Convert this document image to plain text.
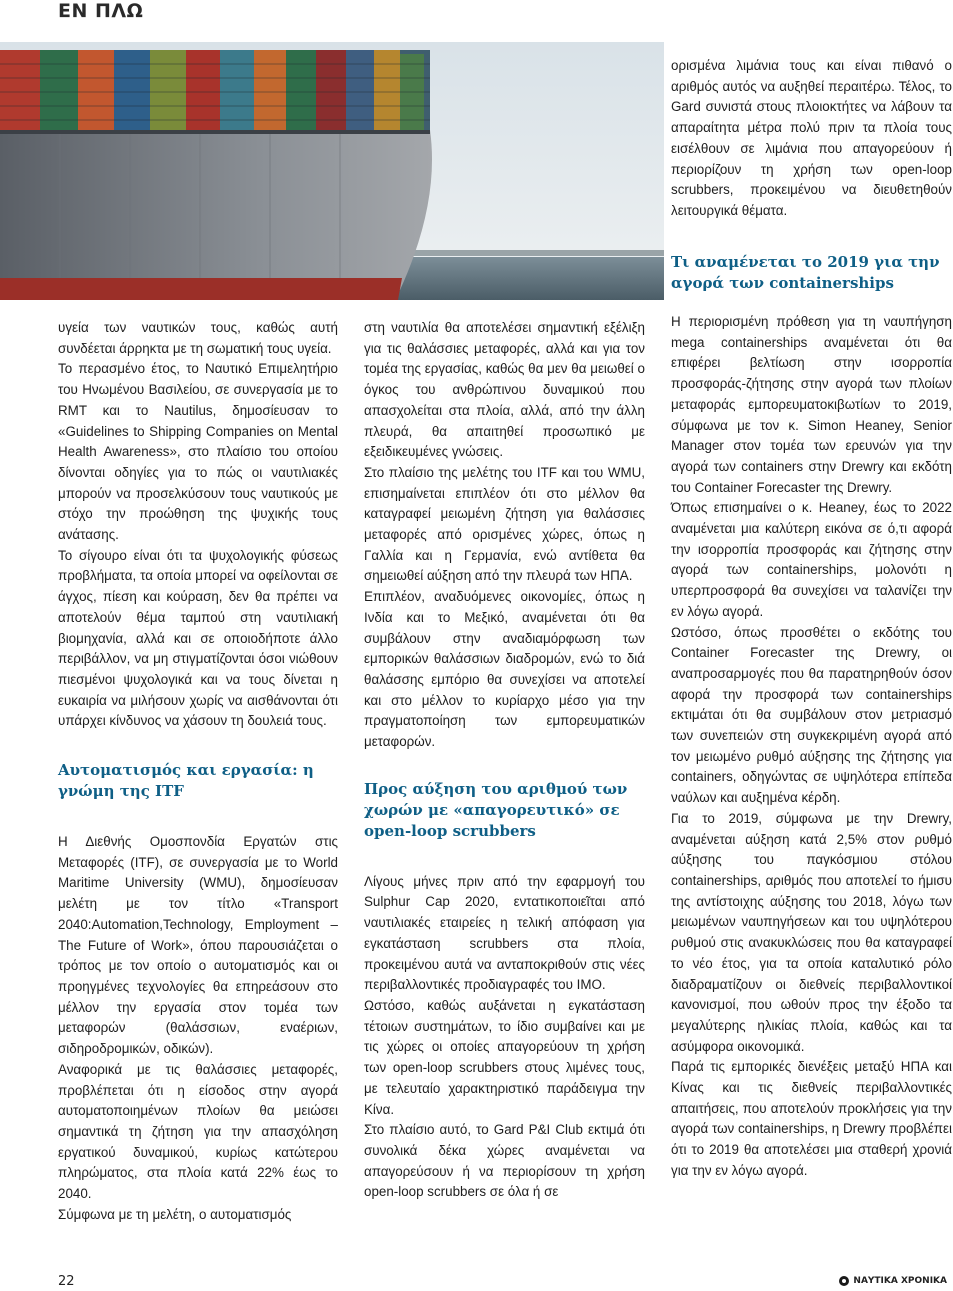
ΕΝ ΠΛΩ

ορισμένα λιμάνια τους και είναι πιθανό ο αριθμός αυτός να αυξηθεί περαιτέρω. Τέλος, το Gard συνιστά στους πλοιοκτήτες να λάβουν τα απαραίτητα μέτρα πολύ πριν τα πλοία τους εισέλθουν σε λιμάνια που απαγορεύουν ή περιορίζουν τη χρήση των open-loop scrubbers, προκειμένου να διευθετηθούν λειτουργικά θέματα.

Τι αναμένεται το 2019 για την αγορά των containerships

υγεία των ναυτικών τους, καθώς αυτή συνδέεται άρρηκτα με τη σωματική τους υγεία.

Το περασμένο έτος, το Ναυτικό Επιμελητήριο του Ηνωμένου Βασιλείου, σε συνεργασία με το RMT και το Nautilus, δημοσίευσαν το «Guidelines to Shipping Companies on Mental Health Awareness», στο πλαίσιο του οποίου δίνονται οδηγίες για το πώς οι ναυτιλιακές μπορούν να προσελκύσουν τους ναυτικούς με στόχο την προώθηση της ψυχικής τους ανάτασης.

Το σίγουρο είναι ότι τα ψυχολογικής φύσεως προβλήματα, τα οποία μπορεί να οφείλονται σε άγχος, πίεση και κούραση, δεν θα πρέπει να αποτελούν θέμα ταμπού στη ναυτιλιακή βιομηχανία, αλλά και σε οποιοδήποτε άλλο περιβάλλον, να μη στιγματίζονται όσοι νιώθουν πιεσμένοι ψυχολογικά και να τους δίνεται η ευκαιρία να μιλήσουν χωρίς να αισθάνονται ότι υπάρχει κίνδυνος να χάσουν τη δουλειά τους.

Αυτοματισμός και εργασία: η γνώμη της ITF

Η Διεθνής Ομοσπονδία Εργατών στις Μεταφορές (ITF), σε συνεργασία με το World Maritime University (WMU), δημοσίευσαν μελέτη με τον τίτλο «Transport 2040:Automation,Technology, Employment – The Future of Work», όπου παρουσιάζεται ο τρόπος με τον οποίο ο αυτοματισμός και οι προηγμένες τεχνολογίες θα επηρεάσουν στο μέλλον την εργασία στον τομέα των μεταφορών (θαλάσσιων, εναέριων, σιδηροδρομικών, οδικών).

Αναφορικά με τις θαλάσσιες μεταφορές, προβλέπεται ότι η είσοδος στην αγορά αυτοματοποιημένων πλοίων θα μειώσει σημαντικά τη ζήτηση για την απασχόληση εργατικού δυναμικού, κυρίως κατώτερου πληρώματος, στα πλοία κατά 22% έως το 2040.

Σύμφωνα με τη μελέτη, ο αυτοματισμός

στη ναυτιλία θα αποτελέσει σημαντική εξέλιξη για τις θαλάσσιες μεταφορές, αλλά και για τον τομέα της εργασίας, καθώς θα μεν θα μειωθεί ο όγκος του ανθρώπινου δυναμικού που απασχολείται στα πλοία, αλλά, από την άλλη πλευρά, θα απαιτηθεί προσωπικό με εξειδικευμένες γνώσεις.

Στο πλαίσιο της μελέτης του ITF και του WMU, επισημαίνεται επιπλέον ότι στο μέλλον θα καταγραφεί μειωμένη ζήτηση για θαλάσσιες μεταφορές από ορισμένες χώρες, όπως η Γαλλία και η Γερμανία, ενώ αντίθετα θα σημειωθεί αύξηση από την πλευρά των ΗΠΑ.

Επιπλέον, αναδυόμενες οικονομίες, όπως η Ινδία και το Μεξικό, αναμένεται ότι θα συμβάλουν στην αναδιαμόρφωση των εμπορικών θαλάσσιων διαδρομών, ενώ το διά θαλάσσης εμπόριο θα συνεχίσει να αποτελεί και στο μέλλον το κυρίαρχο μέσο για την πραγματοποίηση των εμπορευματικών μεταφορών.

Προς αύξηση του αριθμού των χωρών με «απαγορευτικό» σε open-loop scrubbers

Λίγους μήνες πριν από την εφαρμογή του Sulphur Cap 2020, εντατικοποιεῖται από ναυτιλιακές εταιρείες η τελική απόφαση για εγκατάσταση scrubbers στα πλοία, προκειμένου αυτά να ανταποκριθούν στις νέες περιβαλλοντικές προδιαγραφές του IMO.

Ωστόσο, καθώς αυξάνεται η εγκατάσταση τέτοιων συστημάτων, το ίδιο συμβαίνει και με τις χώρες οι οποίες απαγορεύουν τη χρήση των open-loop scrubbers στους λιμένες τους, με τελευταίο χαρακτηριστικό παράδειγμα την Κίνα.

Στο πλαίσιο αυτό, το Gard P&I Club εκτιμά ότι συνολικά δέκα χώρες αναμένεται να απαγορεύσουν ή να περιορίσουν τη χρήση open-loop scrubbers σε όλα ή σε

Η περιορισμένη πρόθεση για τη ναυπήγηση mega containerships αναμένεται ότι θα επιφέρει βελτίωση στην ισορροπία προσφοράς-ζήτησης στην αγορά των πλοίων μεταφοράς εμπορευματοκιβωτίων το 2019, σύμφωνα με τον κ. Simon Heaney, Senior Manager στον τομέα των ερευνών για την αγορά των containers στην Drewry και εκδότη του Container Forecaster της Drewry.

Όπως επισημαίνει ο κ. Heaney, έως το 2022 αναμένεται μια καλύτερη εικόνα σε ό,τι αφορά την ισορροπία προσφοράς και ζήτησης στην αγορά των containerships, μολονότι η υπερπροσφορά θα συνεχίσει να ταλανίζει την εν λόγω αγορά.

Ωστόσο, όπως προσθέτει ο εκδότης του Container Forecaster της Drewry, οι αναπροσαρμογές που θα παρατηρηθούν όσον αφορά την προσφορά των containerships εκτιμάται ότι θα συμβάλουν στον μετριασμό των συνεπειών στη συγκεκριμένη αγορά από τον μειωμένο ρυθμό αύξησης της ζήτησης για containers, οδηγώντας σε υψηλότερα επίπεδα ναύλων και αυξημένα κέρδη.

Για το 2019, σύμφωνα με την Drewry, αναμένεται αύξηση κατά 2,5% στον ρυθμό αύξησης του παγκόσμιου στόλου containerships, αριθμός που αποτελεί το ήμισυ της αντίστοιχης αύξησης του 2018, λόγω των μειωμένων ναυπηγήσεων και του υψηλότερου ρυθμού στις ανακυκλώσεις που θα καταγραφεί το νέο έτος, για τα οποία καταλυτικό ρόλο διαδραματίζουν οι διεθνείς περιβαλλοντικοί κανονισμοί, που ωθούν προς την έξοδο τα μεγαλύτερης ηλικίας πλοία, καθώς και τα ασύμφορα οικονομικά.

Παρά τις εμπορικές διενέξεις μεταξύ ΗΠΑ και Κίνας και τις διεθνείς περιβαλλοντικές απαιτήσεις, που αποτελούν προκλήσεις για την αγορά των containerships, η Drewry προβλέπει ότι το 2019 θα αποτελέσει μια σταθερή χρονιά για την εν λόγω αγορά.

22	ΝΑΥΤΙΚΑ ΧΡΟΝΙΚΑ
